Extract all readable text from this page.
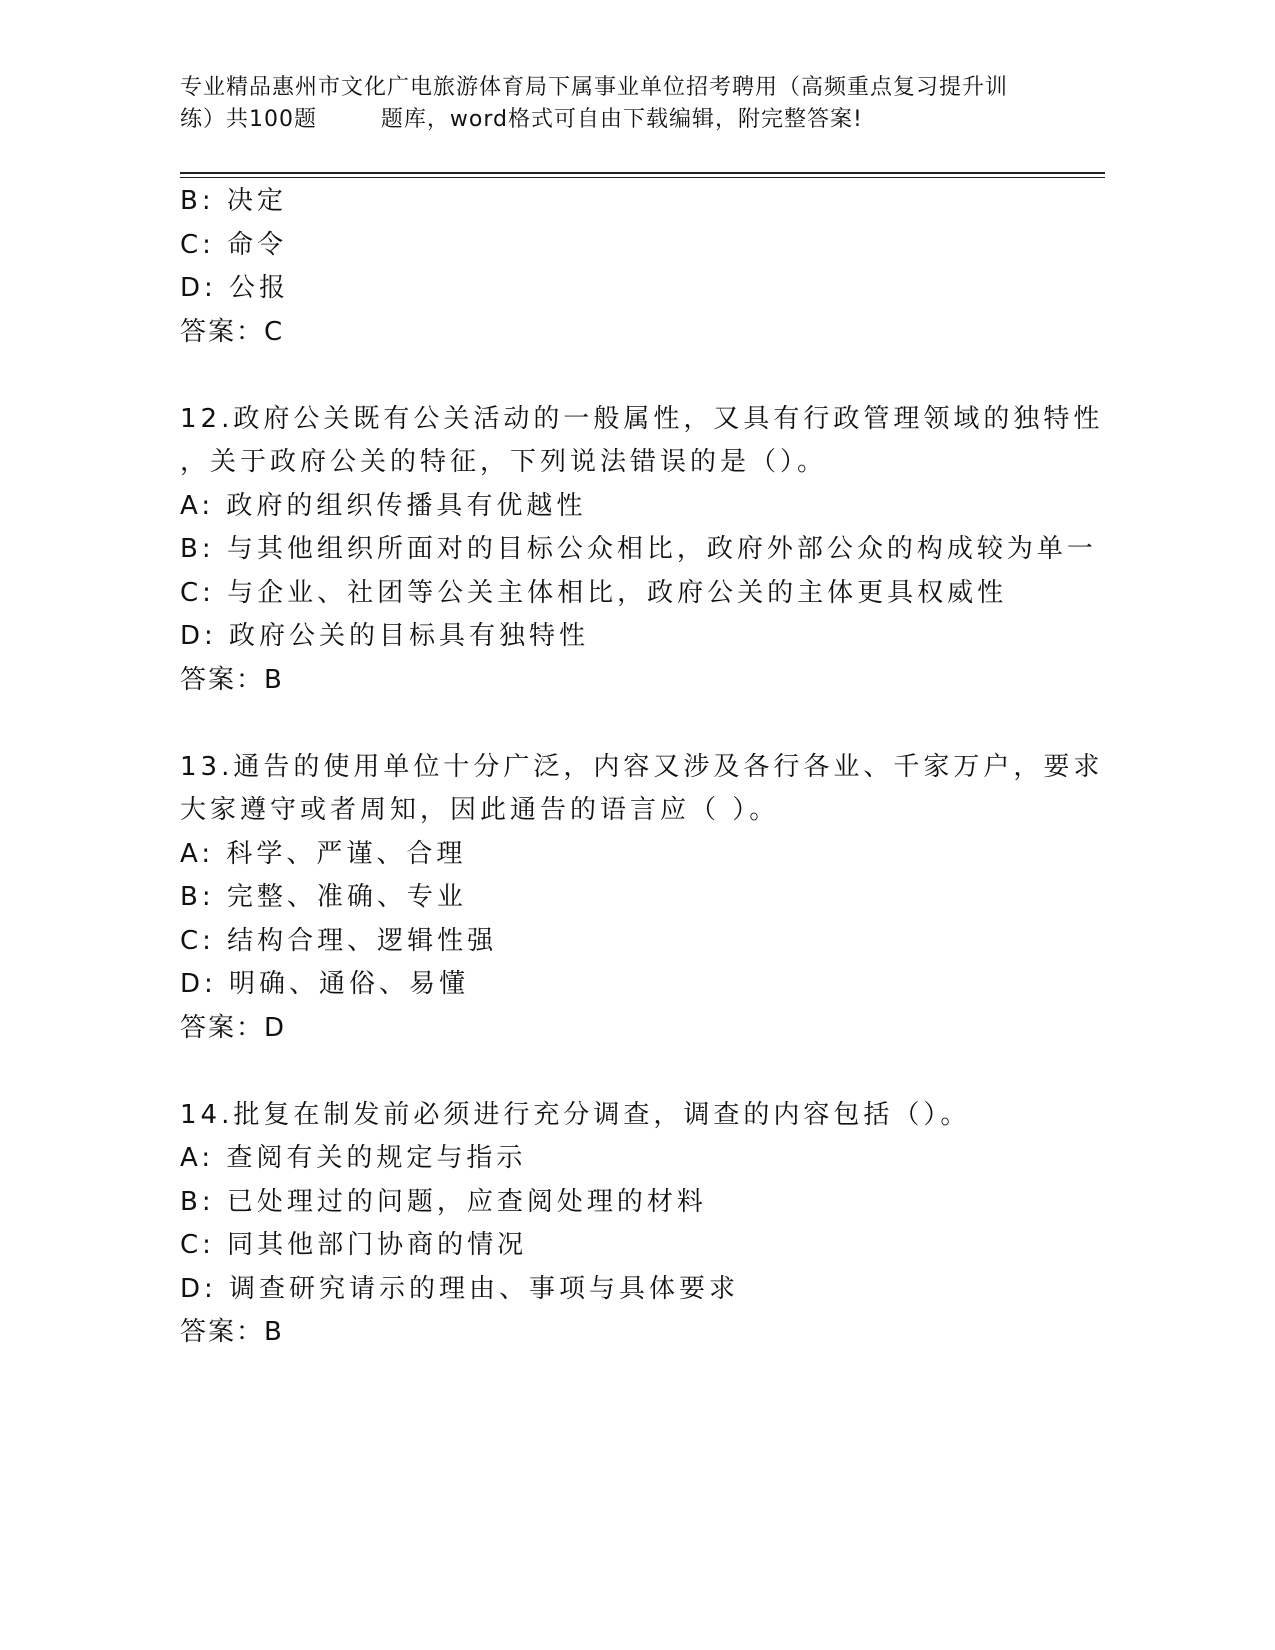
专业精品惠州市文化广电旅游体育局下属事业单位招考聘用（高频重点复习提升训
练）共100题        题库，word格式可自由下载编辑，附完整答案!
B: 决定
C: 命令
D: 公报
答案：C
12.政府公关既有公关活动的一般属性，又具有行政管理领域的独特性
，关于政府公关的特征，下列说法错误的是（）。
A: 政府的组织传播具有优越性
B: 与其他组织所面对的目标公众相比，政府外部公众的构成较为单一
C: 与企业、社团等公关主体相比，政府公关的主体更具权威性
D: 政府公关的目标具有独特性
答案：B
13.通告的使用单位十分广泛，内容又涉及各行各业、千家万户，要求
大家遵守或者周知，因此通告的语言应（ ）。
A: 科学、严谨、合理
B: 完整、准确、专业
C: 结构合理、逻辑性强
D: 明确、通俗、易懂
答案：D
14.批复在制发前必须进行充分调查，调查的内容包括（）。
A: 查阅有关的规定与指示
B: 已处理过的问题，应查阅处理的材料
C: 同其他部门协商的情况
D: 调查研究请示的理由、事项与具体要求
答案：B
